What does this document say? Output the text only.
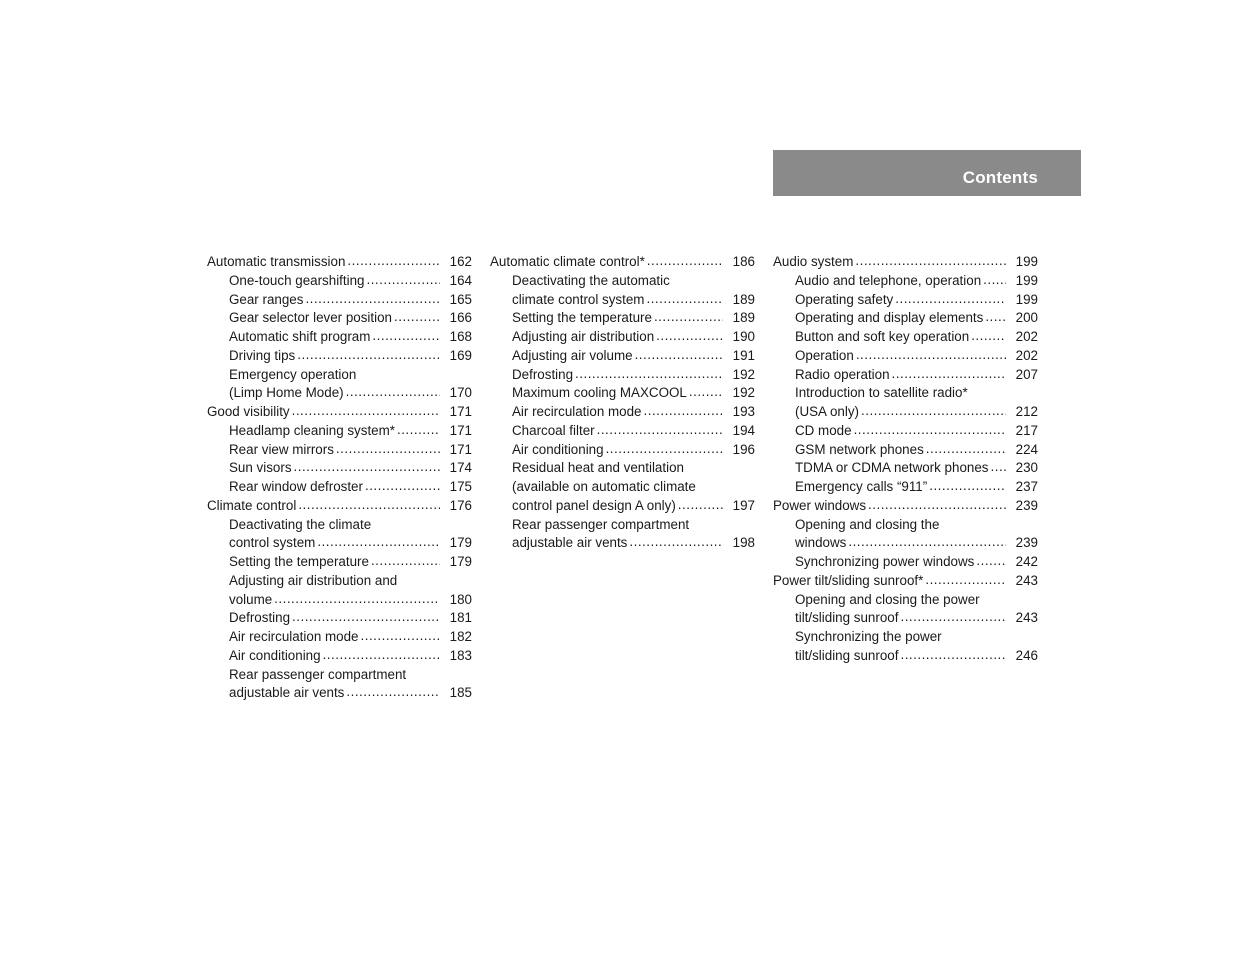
Contents
Automatic transmission .....	162
One-touch gearshifting .....	164
Gear ranges .....	165
Gear selector lever position .....	166
Automatic shift program .....	168
Driving tips .....	169
Emergency operation
(Limp Home Mode) .....	170
Good visibility .....	171
Headlamp cleaning system* .....	171
Rear view mirrors .....	171
Sun visors .....	174
Rear window defroster .....	175
Climate control .....	176
Deactivating the climate
control system .....	179
Setting the temperature .....	179
Adjusting air distribution and
volume .....	180
Defrosting .....	181
Air recirculation mode .....	182
Air conditioning .....	183
Rear passenger compartment
adjustable air vents .....	185
Automatic climate control* .....	186
Deactivating the automatic
climate control system .....	189
Setting the temperature .....	189
Adjusting air distribution .....	190
Adjusting air volume .....	191
Defrosting .....	192
Maximum cooling MAXCOOL .....	192
Air recirculation mode .....	193
Charcoal filter .....	194
Air conditioning .....	196
Residual heat and ventilation
(available on automatic climate
control panel design A only) .....	197
Rear passenger compartment
adjustable air vents .....	198
Audio system .....	199
Audio and telephone, operation .....	199
Operating safety .....	199
Operating and display elements .....	200
Button and soft key operation .....	202
Operation .....	202
Radio operation .....	207
Introduction to satellite radio*
(USA only) .....	212
CD mode .....	217
GSM network phones .....	224
TDMA or CDMA network phones .....	230
Emergency calls “911” .....	237
Power windows .....	239
Opening and closing the
windows .....	239
Synchronizing power windows .....	242
Power tilt/sliding sunroof* .....	243
Opening and closing the power
tilt/sliding sunroof .....	243
Synchronizing the power
tilt/sliding sunroof .....	246
